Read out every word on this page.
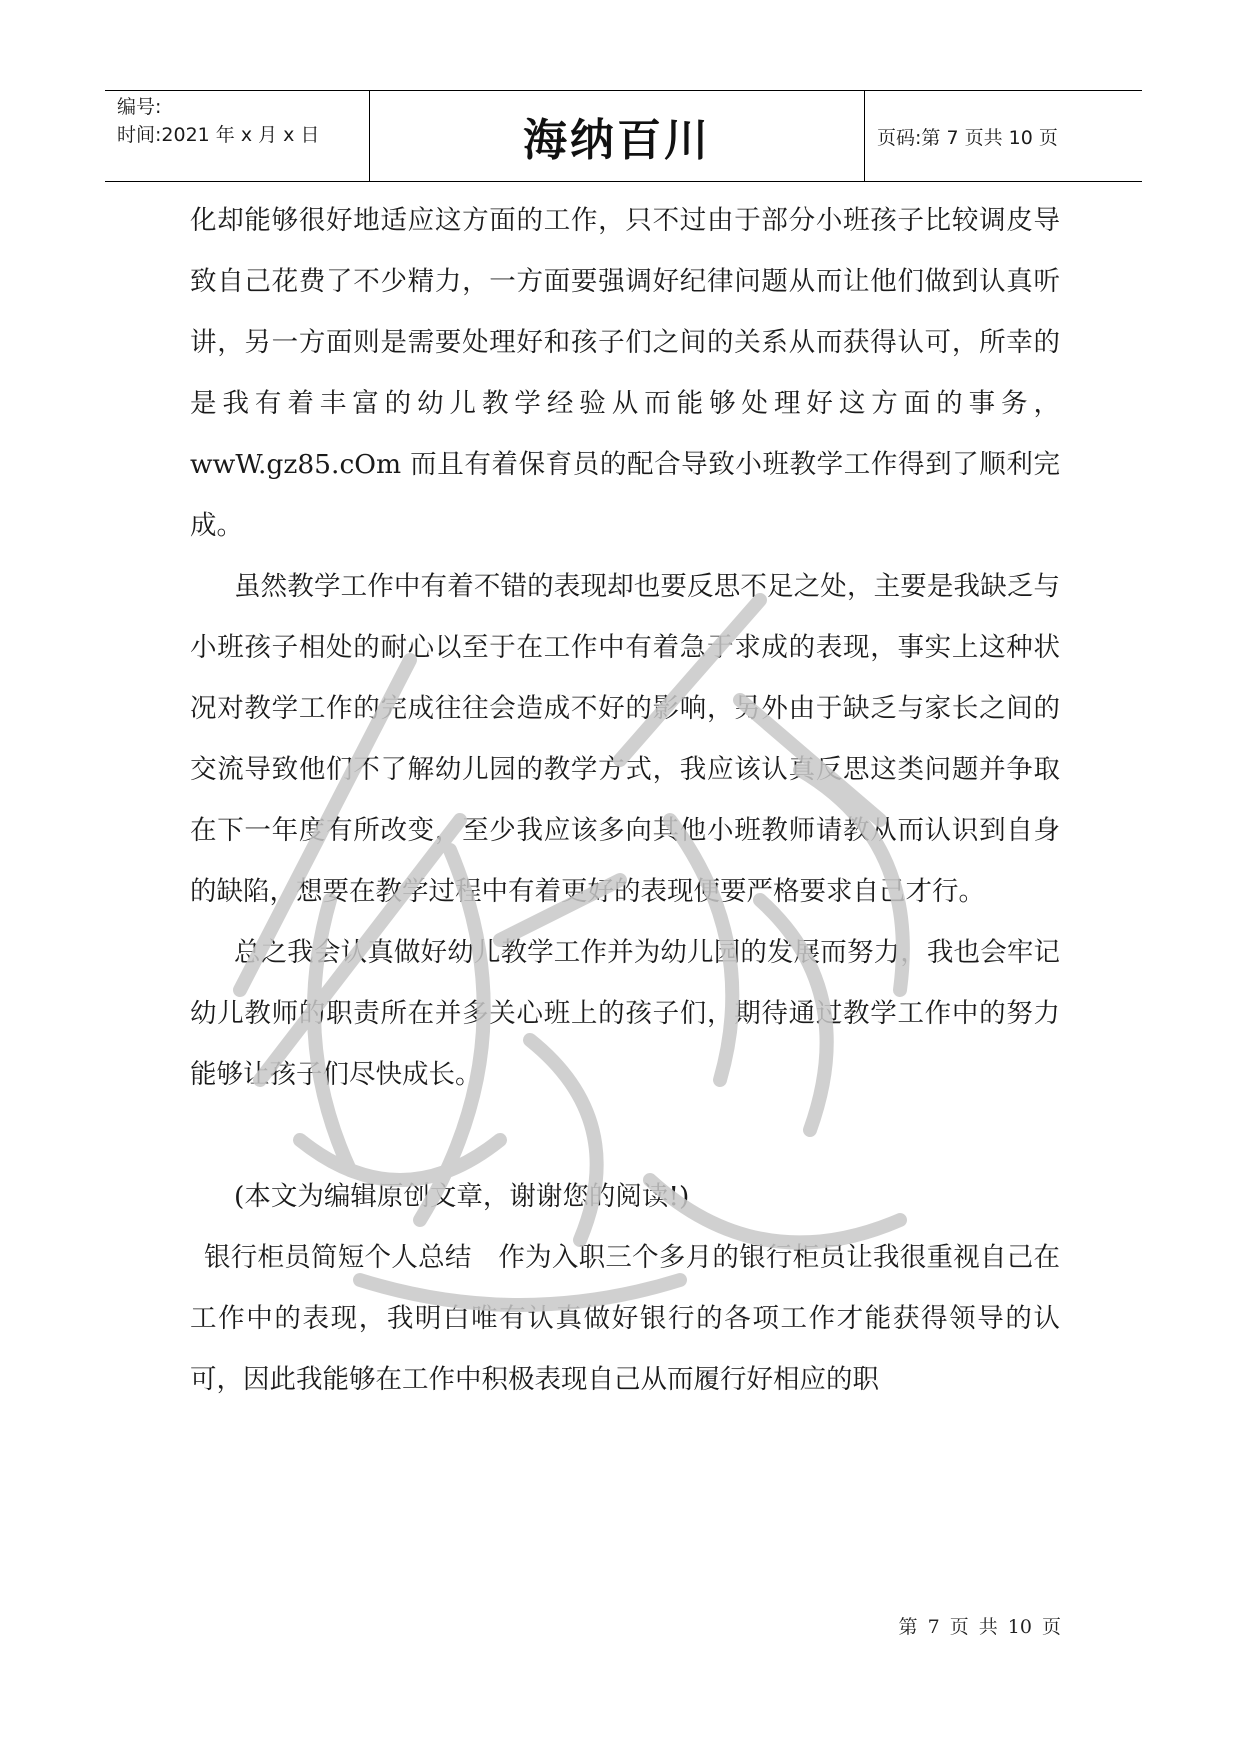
编号:
时间:2021 年 x 月 x 日	海纳百川	页码:第 7 页共 10 页

化却能够很好地适应这方面的工作，只不过由于部分小班孩子比较调皮导致自己花费了不少精力，一方面要强调好纪律问题从而让他们做到认真听讲，另一方面则是需要处理好和孩子们之间的关系从而获得认可，所幸的是我有着丰富的幼儿教学经验从而能够处理好这方面的事务，wwW.gz85.cOm 而且有着保育员的配合导致小班教学工作得到了顺利完成。

虽然教学工作中有着不错的表现却也要反思不足之处，主要是我缺乏与小班孩子相处的耐心以至于在工作中有着急于求成的表现，事实上这种状况对教学工作的完成往往会造成不好的影响，另外由于缺乏与家长之间的交流导致他们不了解幼儿园的教学方式，我应该认真反思这类问题并争取在下一年度有所改变，至少我应该多向其他小班教师请教从而认识到自身的缺陷，想要在教学过程中有着更好的表现便要严格要求自己才行。

总之我会认真做好幼儿教学工作并为幼儿园的发展而努力，我也会牢记幼儿教师的职责所在并多关心班上的孩子们，期待通过教学工作中的努力能够让孩子们尽快成长。

(本文为编辑原创文章，谢谢您的阅读!)

银行柜员简短个人总结　作为入职三个多月的银行柜员让我很重视自己在工作中的表现，我明白唯有认真做好银行的各项工作才能获得领导的认可，因此我能够在工作中积极表现自己从而履行好相应的职

第 7 页 共 10 页
